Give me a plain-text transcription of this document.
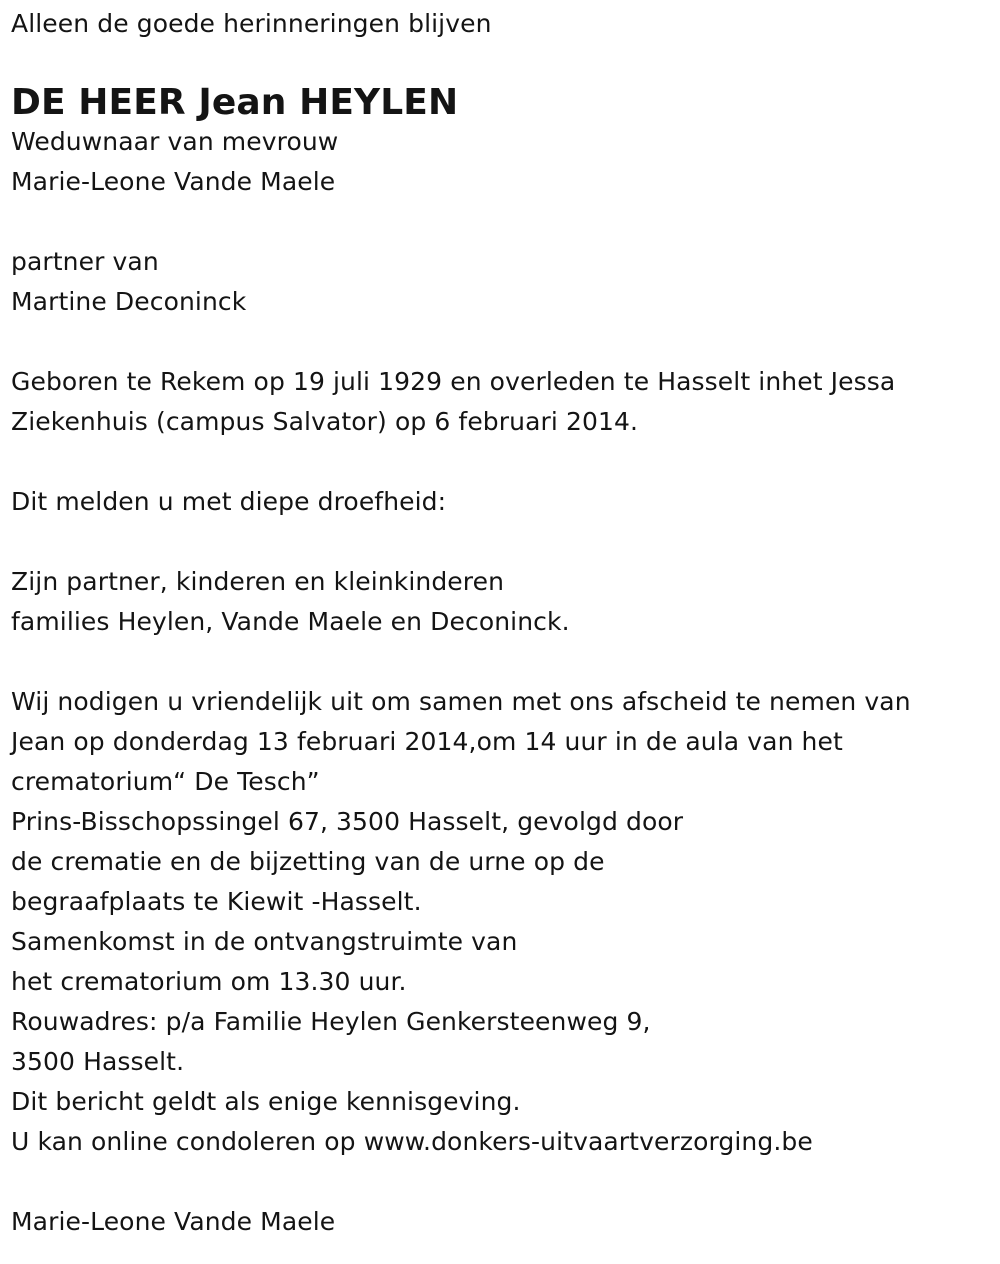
Alleen de goede herinneringen blijven
DE HEER Jean HEYLEN
Weduwnaar van mevrouw
Marie-Leone Vande Maele
partner van
Martine Deconinck
Geboren te Rekem op 19 juli 1929 en overleden te Hasselt inhet Jessa
Ziekenhuis (campus Salvator) op 6 februari 2014.
Dit melden u met diepe droefheid:
Zijn partner, kinderen en kleinkinderen
families Heylen, Vande Maele en Deconinck.
Wij nodigen u vriendelijk uit om samen met ons afscheid te nemen van
Jean op donderdag 13 februari 2014,om 14 uur in de aula van het
crematorium“ De Tesch”
Prins-Bisschopssingel 67, 3500 Hasselt, gevolgd door
de crematie en de bijzetting van de urne op de
begraafplaats te Kiewit -Hasselt.
Samenkomst in de ontvangstruimte van
het crematorium om 13.30 uur.
Rouwadres: p/a Familie Heylen Genkersteenweg 9,
3500 Hasselt.
Dit bericht geldt als enige kennisgeving.
U kan online condoleren op www.donkers-uitvaartverzorging.be
Marie-Leone Vande Maele
